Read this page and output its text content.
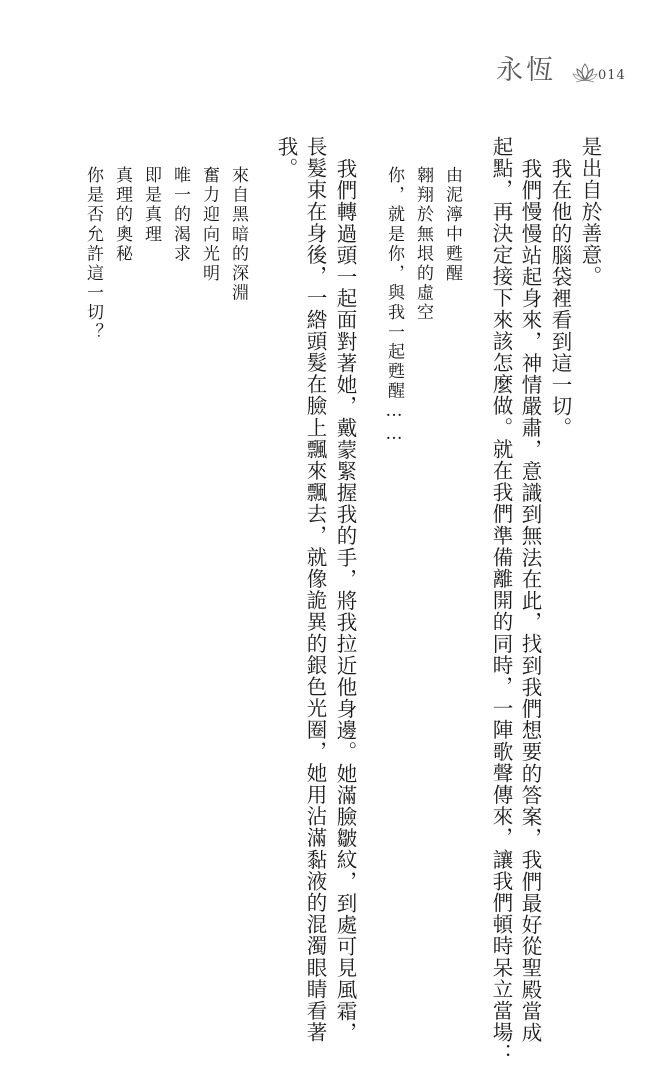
永恆	014
是出自於善意。
我在他的腦袋裡看到這一切。
我們慢慢站起身來，神情嚴肅，意識到無法在此，找到我們想要的答案，我們最好從聖殿當成
起點，再決定接下來該怎麼做。就在我們準備離開的同時，一陣歌聲傳來，讓我們頓時呆立當場：
由泥濘中甦醒
翱翔於無垠的虛空
你，就是你，與我一起甦醒……
我們轉過頭一起面對著她，戴蒙緊握我的手，將我拉近他身邊。她滿臉皺紋，到處可見風霜，
長髮束在身後，一綹頭髮在臉上飄來飄去，就像詭異的銀色光圈，她用沾滿黏液的混濁眼睛看著
我。
來自黑暗的深淵
奮力迎向光明
唯一的渴求
即是真理
真理的奧秘
你是否允許這一切？
